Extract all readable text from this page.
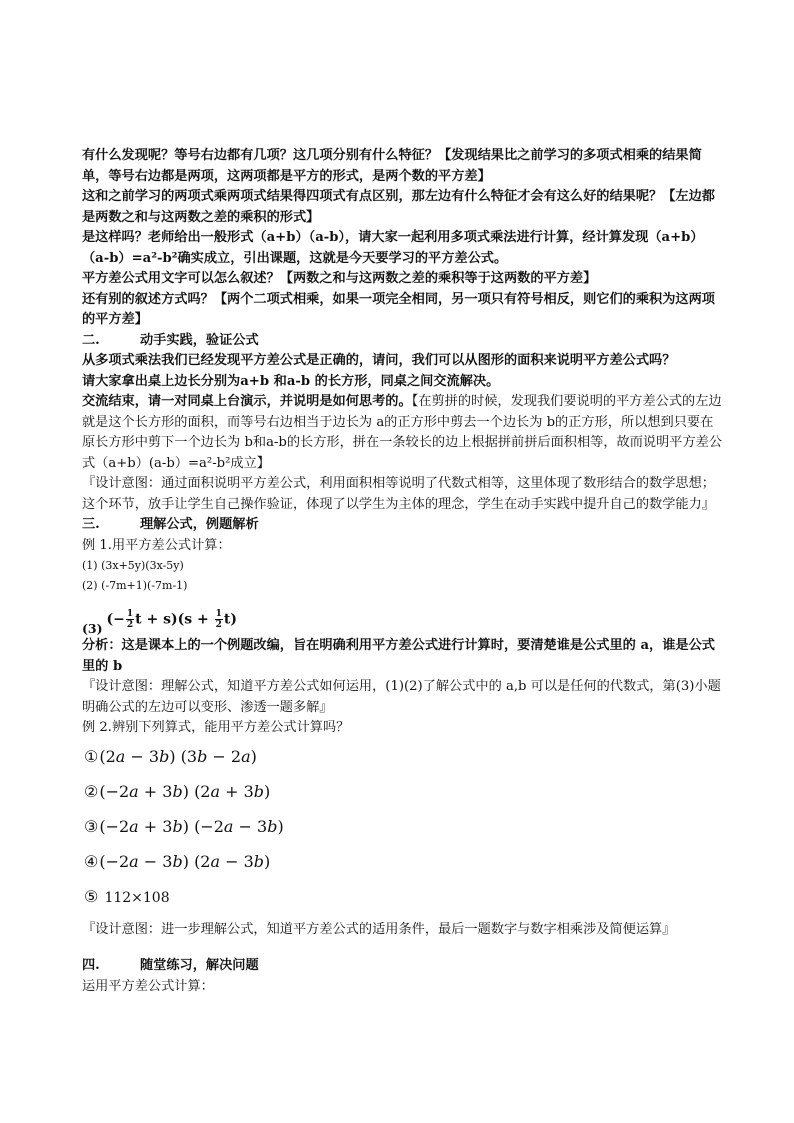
有什么发现呢？等号右边都有几项？这几项分别有什么特征？【发现结果比之前学习的多项式相乘的结果简单，等号右边都是两项，这两项都是平方的形式，是两个数的平方差】

这和之前学习的两项式乘两项式结果得四项式有点区别，那左边有什么特征才会有这么好的结果呢？【左边都是两数之和与这两数之差的乘积的形式】

是这样吗？老师给出一般形式（a+b）（a-b），请大家一起利用多项式乘法进行计算，经计算发现（a+b）（a-b）=a²-b²确实成立，引出课题，这就是今天要学习的平方差公式。

平方差公式用文字可以怎么叙述？【两数之和与这两数之差的乘积等于这两数的平方差】

还有别的叙述方式吗？【两个二项式相乘，如果一项完全相同，另一项只有符号相反，则它们的乘积为这两项的平方差】

二.	动手实践，验证公式

从多项式乘法我们已经发现平方差公式是正确的，请问，我们可以从图形的面积来说明平方差公式吗？

请大家拿出桌上边长分别为a+b 和a-b 的长方形，同桌之间交流解决。

交流结束，请一对同桌上台演示，并说明是如何思考的。【在剪拼的时候，发现我们要说明的平方差公式的左边就是这个长方形的面积，而等号右边相当于边长为 a的正方形中剪去一个边长为 b的正方形，所以想到只要在原长方形中剪下一个边长为 b和a-b的长方形，拼在一条较长的边上根据拼前拼后面积相等，故而说明平方差公式（a+b）(a-b）=a²-b²成立】

『设计意图：通过面积说明平方差公式，利用面积相等说明了代数式相等，这里体现了数形结合的数学思想；这个环节，放手让学生自己操作验证，体现了以学生为主体的理念，学生在动手实践中提升自己的数学能力』

三.	理解公式，例题解析

例 1.用平方差公式计算：

(1) (3x+5y)(3x-5y)

(2) (-7m+1)(-7m-1)

(3)
(− $\frac{1}{2}$ $t + s)(s + \frac{1}{2} t)$

分析：这是课本上的一个例题改编，旨在明确利用平方差公式进行计算时，要清楚谁是公式里的 a，谁是公式里的 b

『设计意图：理解公式，知道平方差公式如何运用，(1)(2)了解公式中的 a,b 可以是任何的代数式，第(3)小题明确公式的左边可以变形、渗透一题多解』

例 2.辨别下列算式，能用平方差公式计算吗？

①(2a − 3b) (3b − 2a)
②(−2a + 3b) (2a + 3b)
③(−2a + 3b) (−2a − 3b)
④(−2a − 3b) (2a − 3b)
⑤ 112×108

『设计意图：进一步理解公式，知道平方差公式的适用条件，最后一题数字与数字相乘涉及简便运算』

四.	随堂练习，解决问题

运用平方差公式计算：
